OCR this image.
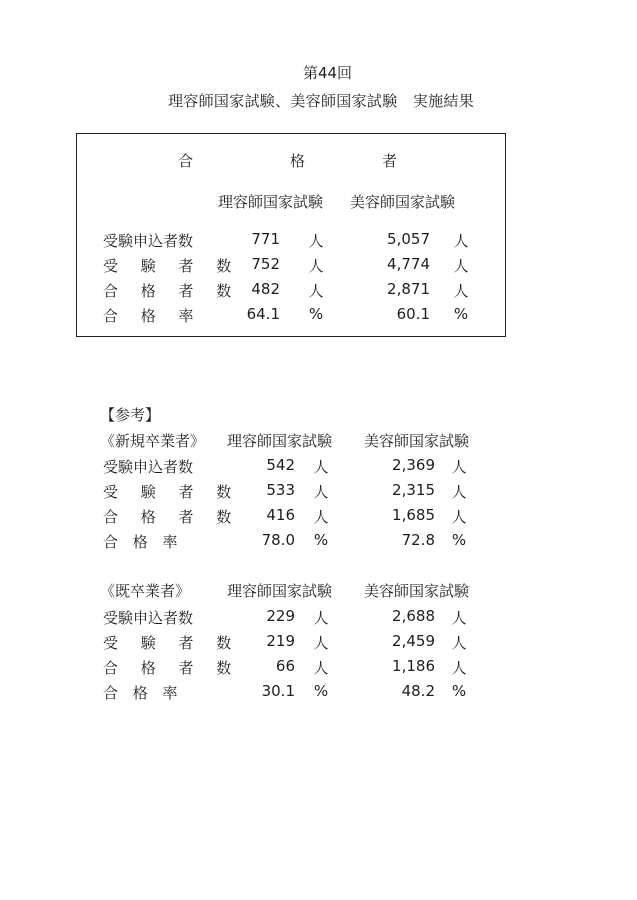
第44回
理容師国家試験、美容師国家試験　実施結果
合	格	者
理容師国家試験 美容師国家試験
受験申込者数	771 人	5,057 人
受 験 者 数 752 人	4,774 人
合 格 者 数 482 人	2,871 人
合 格 率	64.1 %	60.1 %
【参考】
《新規卒業者》 理容師国家試験 美容師国家試験
受験申込者数	542 人	2,369 人
受 験 者 数	533 人	2,315 人
合 格 者 数	416 人	1,685 人
合 格 率	78.0 %	72.8 %
《既卒業者》 理容師国家試験 美容師国家試験
受験申込者数	229 人	2,688 人
受 験 者 数	219 人	2,459 人
合 格 者 数	66 人	1,186 人
合 格 率	30.1 %	48.2 %
